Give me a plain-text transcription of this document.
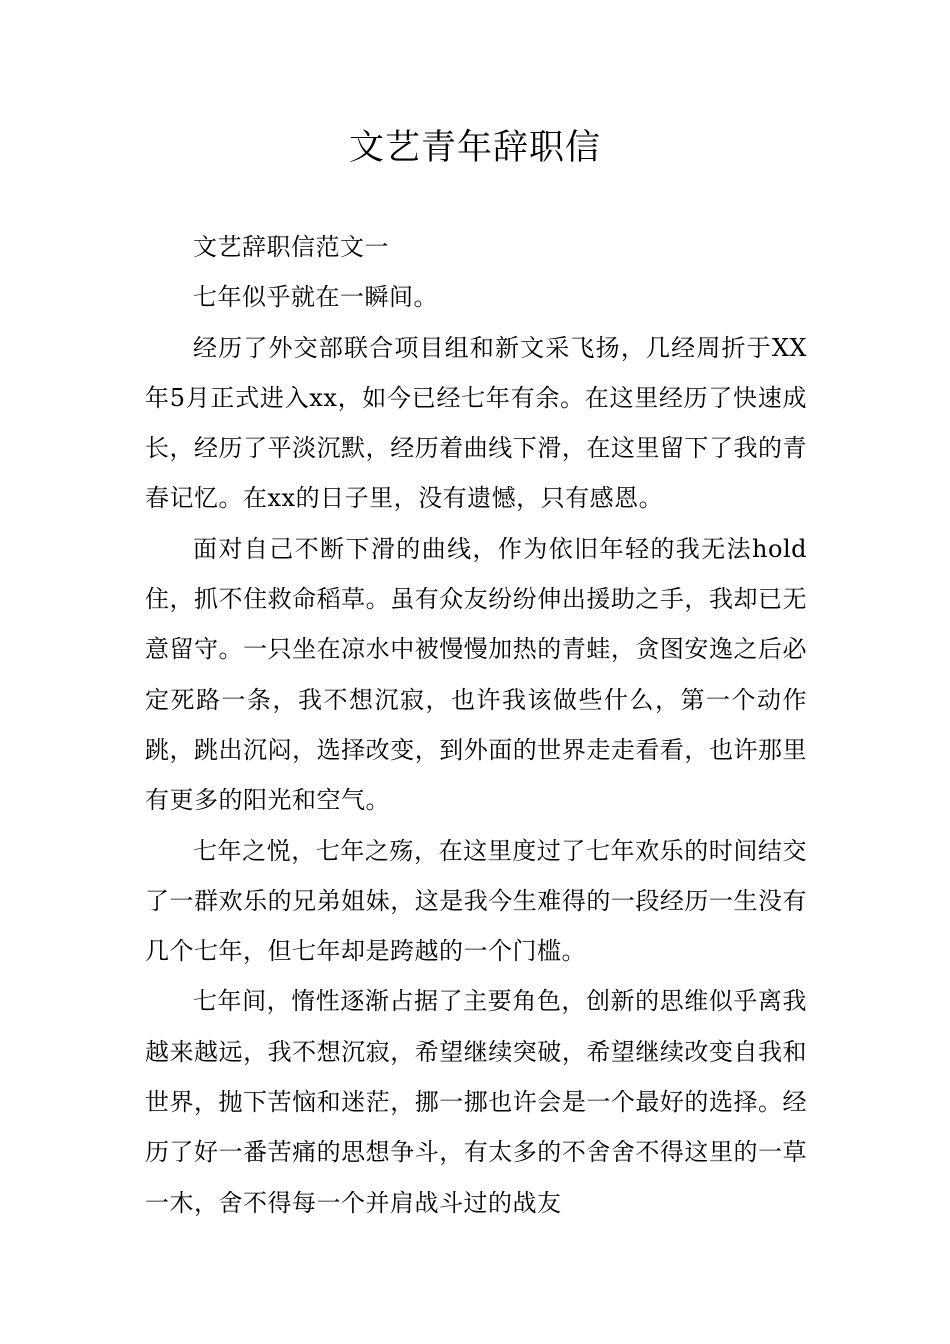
文艺青年辞职信

文艺辞职信范文一

七年似乎就在一瞬间。

经历了外交部联合项目组和新文采飞扬，几经周折于XX年5月正式进入xx，如今已经七年有余。在这里经历了快速成长，经历了平淡沉默，经历着曲线下滑，在这里留下了我的青春记忆。在xx的日子里，没有遗憾，只有感恩。

面对自己不断下滑的曲线，作为依旧年轻的我无法hold住，抓不住救命稻草。虽有众友纷纷伸出援助之手，我却已无意留守。一只坐在凉水中被慢慢加热的青蛙，贪图安逸之后必定死路一条，我不想沉寂，也许我该做些什么，第一个动作跳，跳出沉闷，选择改变，到外面的世界走走看看，也许那里有更多的阳光和空气。

七年之悦，七年之殇，在这里度过了七年欢乐的时间结交了一群欢乐的兄弟姐妹，这是我今生难得的一段经历一生没有几个七年，但七年却是跨越的一个门槛。

七年间，惰性逐渐占据了主要角色，创新的思维似乎离我越来越远，我不想沉寂，希望继续突破，希望继续改变自我和世界，抛下苦恼和迷茫，挪一挪也许会是一个最好的选择。经历了好一番苦痛的思想争斗，有太多的不舍舍不得这里的一草一木，舍不得每一个并肩战斗过的战友
